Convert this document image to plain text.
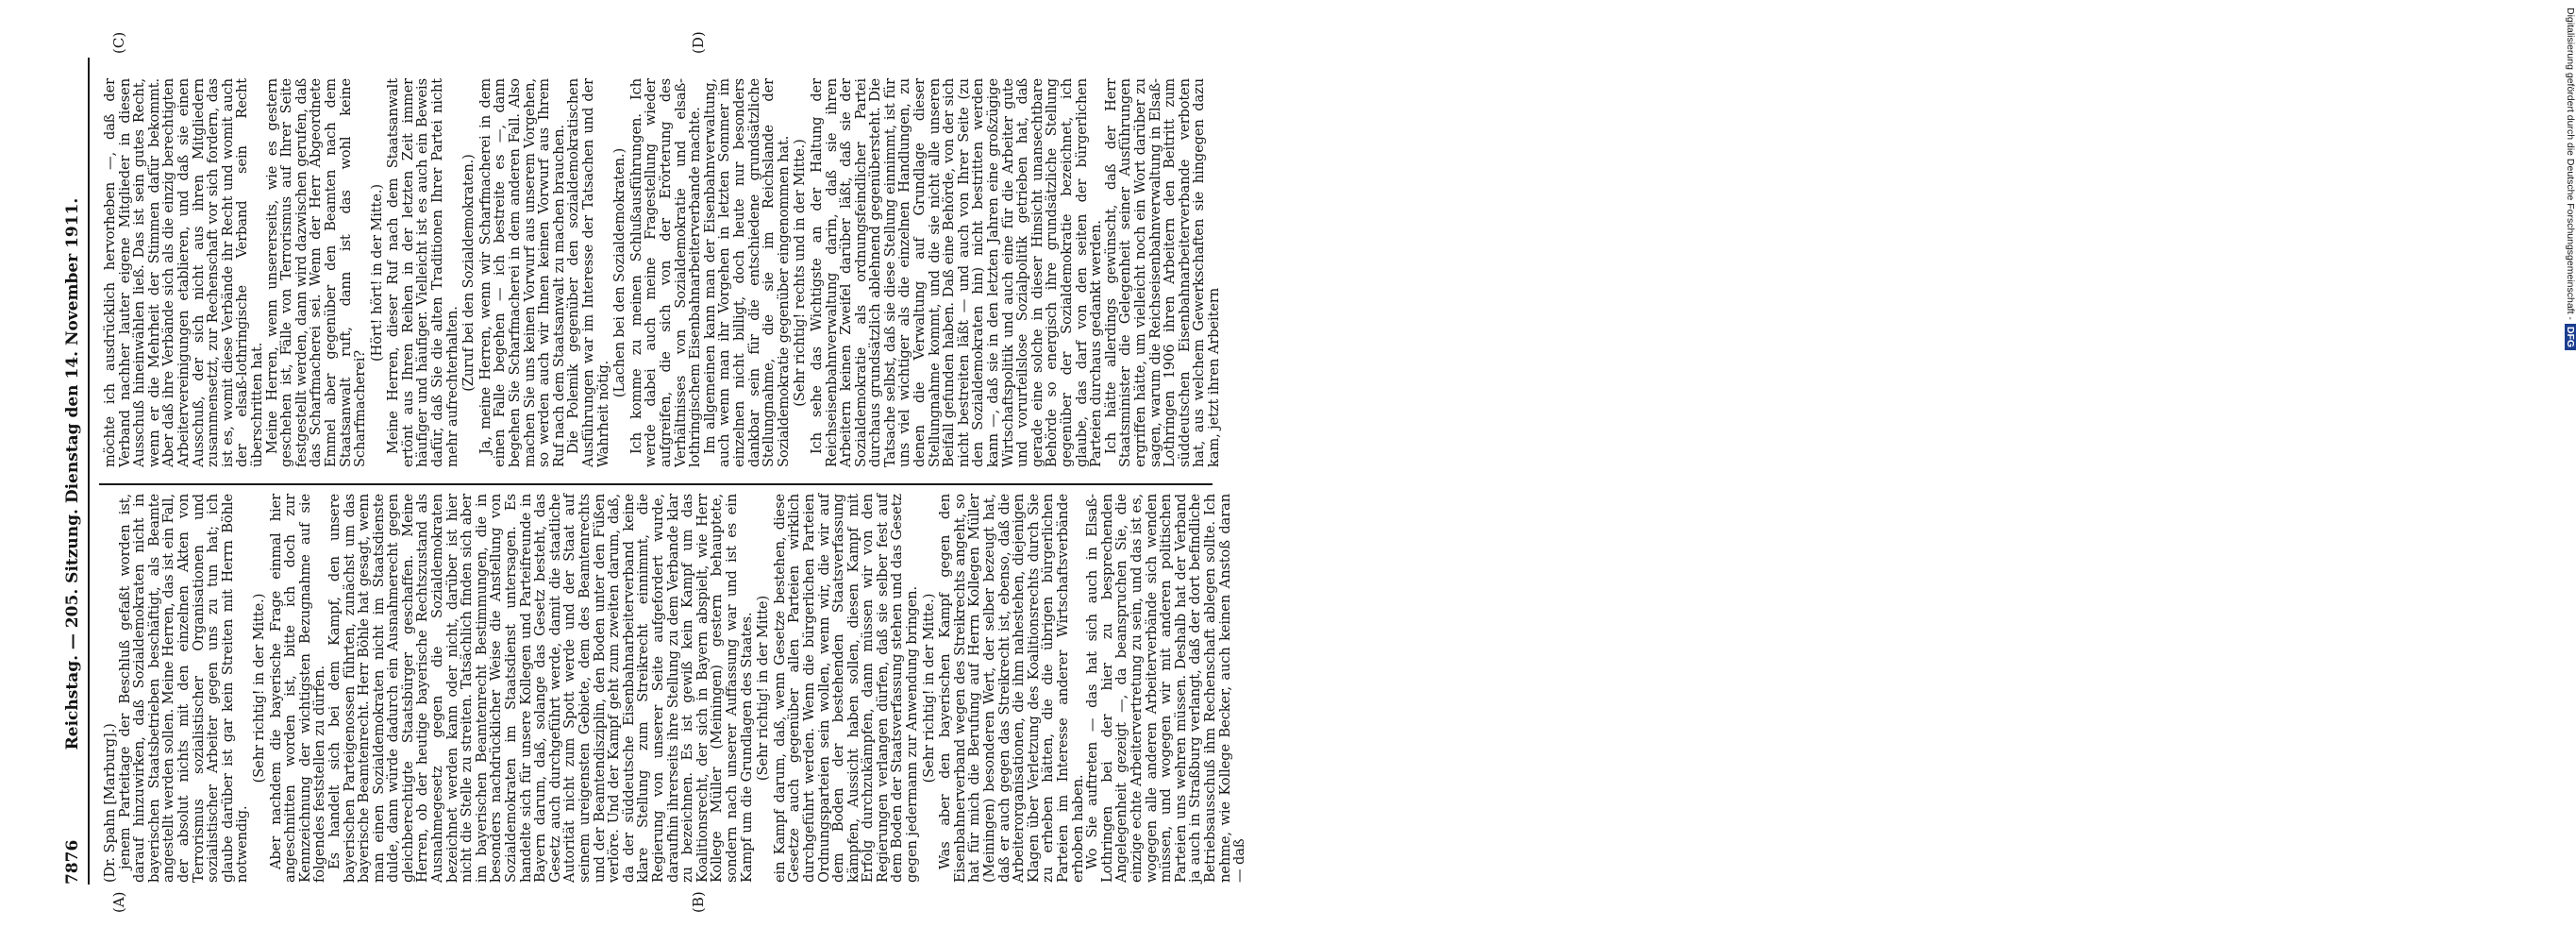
7876
Reichstag. — 205. Sitzung. Dienstag den 14. November 1911.
(A)	(B)
(C)	(D)

(Dr. Spahn [Marburg].)

jenem Parteitage der Beschluß gefaßt worden ist, darauf hinzuwirken, daß Sozialdemokraten nicht in bayerischen Staatsbetrieben beschäftigt, als Beamte angestellt werden sollen. Meine Herren, das ist ein Fall, der absolut nichts mit den einzelnen Akten von Terrorismus sozialistischer Organisationen und sozialistischer Arbeiter gegen uns zu tun hat; ich glaube darüber ist gar kein Streiten mit Herrn Böhle notwendig.

(Sehr richtig! in der Mitte.) Aber nachdem die bayerische Frage einmal hier angeschnitten worden ist, bitte ich doch zur Kennzeichnung der wichtigsten Bezugnahme auf sie folgendes feststellen zu dürfen.

Es handelt sich bei dem Kampf, den unsere bayerischen Parteigenossen führten, zunächst um das bayerische Beamtenrecht. Herr Böhle hat gesagt, wenn man einen Sozialdemokraten nicht im Staatsdienste dulde, dann würde dadurch ein Ausnahmerecht gegen gleichberechtigte Staatsbürger geschaffen. Meine Herren, ob der heutige bayerische Rechtszustand als Ausnahmegesetz gegen die Sozialdemokraten bezeichnet werden kann oder nicht, darüber ist hier nicht die Stelle zu streiten. Tatsächlich finden sich aber im bayerischen Beamtenrecht Bestimmungen, die in besonders nachdrücklicher Weise die Anstellung von Sozialdemokraten im Staatsdienst untersagen. Es handelte sich für unsere Kollegen und Parteifreunde in Bayern darum, daß, solange das Gesetz besteht, das Gesetz auch durchgeführt werde, damit die staatliche Autorität nicht zum Spott werde und der Staat auf seinem ureigensten Gebiete, dem des Beamtenrechts und der Beamtendisziplin, den Boden unter den Füßen verlöre. Und der Kampf geht zum zweiten darum, daß, da der süddeutsche Eisenbahnarbeiterverband keine klare Stellung zum Streikrecht einnimmt, die Regierung von unserer Seite aufgefordert wurde, daraufhin ihrerseits ihre Stellung zu dem Verbande klar zu bezeichnen. Es ist gewiß kein Kampf um das Koalitionsrecht, der sich in Bayern abspielt, wie Herr Kollege Müller (Meiningen) gestern behauptete, sondern nach unserer Auffassung war und ist es ein Kampf um die Grundlagen des Staates. (Sehr richtig! in der Mitte) ein Kampf darum, daß, wenn Gesetze bestehen, diese Gesetze auch gegenüber allen Parteien wirklich durchgeführt werden. Wenn die bürgerlichen Parteien Ordnungsparteien sein wollen, wenn wir, die wir auf dem Boden der bestehenden Staatsverfassung kämpfen, Aussicht haben sollen, diesen Kampf mit Erfolg durchzukämpfen, dann müssen wir von den Regierungen verlangen dürfen, daß sie selber fest auf dem Boden der Staatsverfassung stehen und das Gesetz gegen jedermann zur Anwendung bringen. (Sehr richtig! in der Mitte.) Was aber den bayerischen Kampf gegen den Eisenbahnerverband wegen des Streikrechts angeht, so hat für mich die Berufung auf Herrn Kollegen Müller (Meiningen) besonderen Wert, der selber bezeugt hat, daß er auch gegen das Streikrecht ist, ebenso, daß die Arbeiterorganisationen, die ihm nahestehen, diejenigen Klagen über Verletzung des Koalitionsrechts durch Sie zu erheben hätten, die die übrigen bürgerlichen Parteien im Interesse anderer Wirtschaftsverbände erhoben haben.

Wo Sie auftreten — das hat sich auch in Elsaß-Lothringen bei der hier zu besprechenden Angelegenheit gezeigt —, da beanspruchen Sie, die einzige echte Arbeitervertretung zu sein, und das ist es, wogegen alle anderen Arbeiterverbände sich wenden müssen, und wogegen wir mit anderen politischen Parteien uns wehren müssen. Deshalb hat der Verband ja auch in Straßburg verlangt, daß der dort befindliche Betriebsausschuß ihm Rechenschaft ablegen sollte. Ich nehme, wie Kollege Becker, auch keinen Anstoß daran — daß

möchte ich ausdrücklich hervorheben —, daß der Verband nachher lauter eigene Mitglieder in diesen Ausschuß hineinwählen ließ. Das ist sein gutes Recht, wenn er die Mehrheit der Stimmen dafür bekommt. Aber daß ihre Verbände sich als die einzig berechtigten Arbeitervereinigungen etablieren, und daß sie einen Ausschuß, der sich nicht aus ihren Mitgliedern zusammensetzt, zur Rechenschaft vor sich fordern, das ist es, womit diese Verbände ihr Recht und womit auch der elsaß-lothringische Verband sein Recht überschritten hat.

Meine Herren, wenn unsererseits, wie es gestern geschehen ist, Fälle von Terrorismus auf Ihrer Seite festgestellt werden, dann wird dazwischen gerufen, daß das Scharfmacherei sei. Wenn der Herr Abgeordnete Emmel aber gegenüber den Beamten nach dem Staatsanwalt ruft, dann ist das wohl keine Scharfmacherei?

(Hört! hört! in der Mitte.) Meine Herren, dieser Ruf nach dem Staatsanwalt ertönt aus Ihren Reihen in der letzten Zeit immer häufiger und häufiger. Vielleicht ist es auch ein Beweis dafür, daß Sie die alten Traditionen Ihrer Partei nicht mehr aufrechterhalten. (Zuruf bei den Sozialdemokraten.) Ja, meine Herren, wenn wir Scharfmacherei in dem einen Falle begehen — ich bestreite es —, dann begehen Sie Scharfmacherei in dem anderen Fall. Also machen Sie uns keinen Vorwurf aus unserem Vorgehen, so werden auch wir Ihnen keinen Vorwurf aus Ihrem Ruf nach dem Staatsanwalt zu machen brauchen.

Die Polemik gegenüber den sozialdemokratischen Ausführungen war im Interesse der Tatsachen und der Wahrheit nötig.

(Lachen bei den Sozialdemokraten.) Ich komme zu meinen Schlußausführungen. Ich werde dabei auch meine Fragestellung wieder aufgreifen, die sich von der Erörterung des Verhältnisses von Sozialdemokratie und elsaß-lothringischem Eisenbahnarbeiterverbande machte.

Im allgemeinen kann man der Eisenbahnverwaltung, auch wenn man ihr Vorgehen in letzten Sommer im einzelnen nicht billigt, doch heute nur besonders dankbar sein für die entschiedene grundsätzliche Stellungnahme, die sie im Reichslande der Sozialdemokratie gegenüber eingenommen hat. (Sehr richtig! rechts und in der Mitte.) Ich sehe das Wichtigste an der Haltung der Reichseisenbahnverwaltung darin, daß sie ihren Arbeitern keinen Zweifel darüber läßt, daß sie der Sozialdemokratie als ordnungsfeindlicher Partei durchaus grundsätzlich ablehnend gegenübersteht. Die Tatsache selbst, daß sie diese Stellung einnimmt, ist für uns viel wichtiger als die einzelnen Handlungen, zu denen die Verwaltung auf Grundlage dieser Stellungnahme kommt, und die sie nicht alle unseren Beifall gefunden haben. Daß eine Behörde, von der sich nicht bestreiten läßt — und auch von Ihrer Seite (zu den Sozialdemokraten hin) nicht bestritten werden kann —, daß sie in den letzten Jahren eine großzügige Wirtschaftspolitik und auch eine für die Arbeiter gute und vorurteilslose Sozialpolitik getrieben hat, daß gerade eine solche in dieser Hinsicht unansechtbare Behörde so energisch ihre grundsätzliche Stellung gegenüber der Sozialdemokratie bezeichnet, ich glaube, das darf von den seiten der bürgerlichen Parteien durchaus gedankt werden.

Ich hätte allerdings gewünscht, daß der Herr Staatsminister die Gelegenheit seiner Ausführungen ergriffen hätte, um vielleicht noch ein Wort darüber zu sagen, warum die Reichseisenbahnverwaltung in Elsaß-Lothringen 1906 ihren Arbeitern den Beitritt zum süddeutschen Eisenbahnarbeiterverbande verboten hat, aus welchem Gewerkschaften sie hingegen dazu kam, jetzt ihren Arbeitern

Digitalisierung gefördert durch die Deutsche Forschungsgemeinschaft -DFG
